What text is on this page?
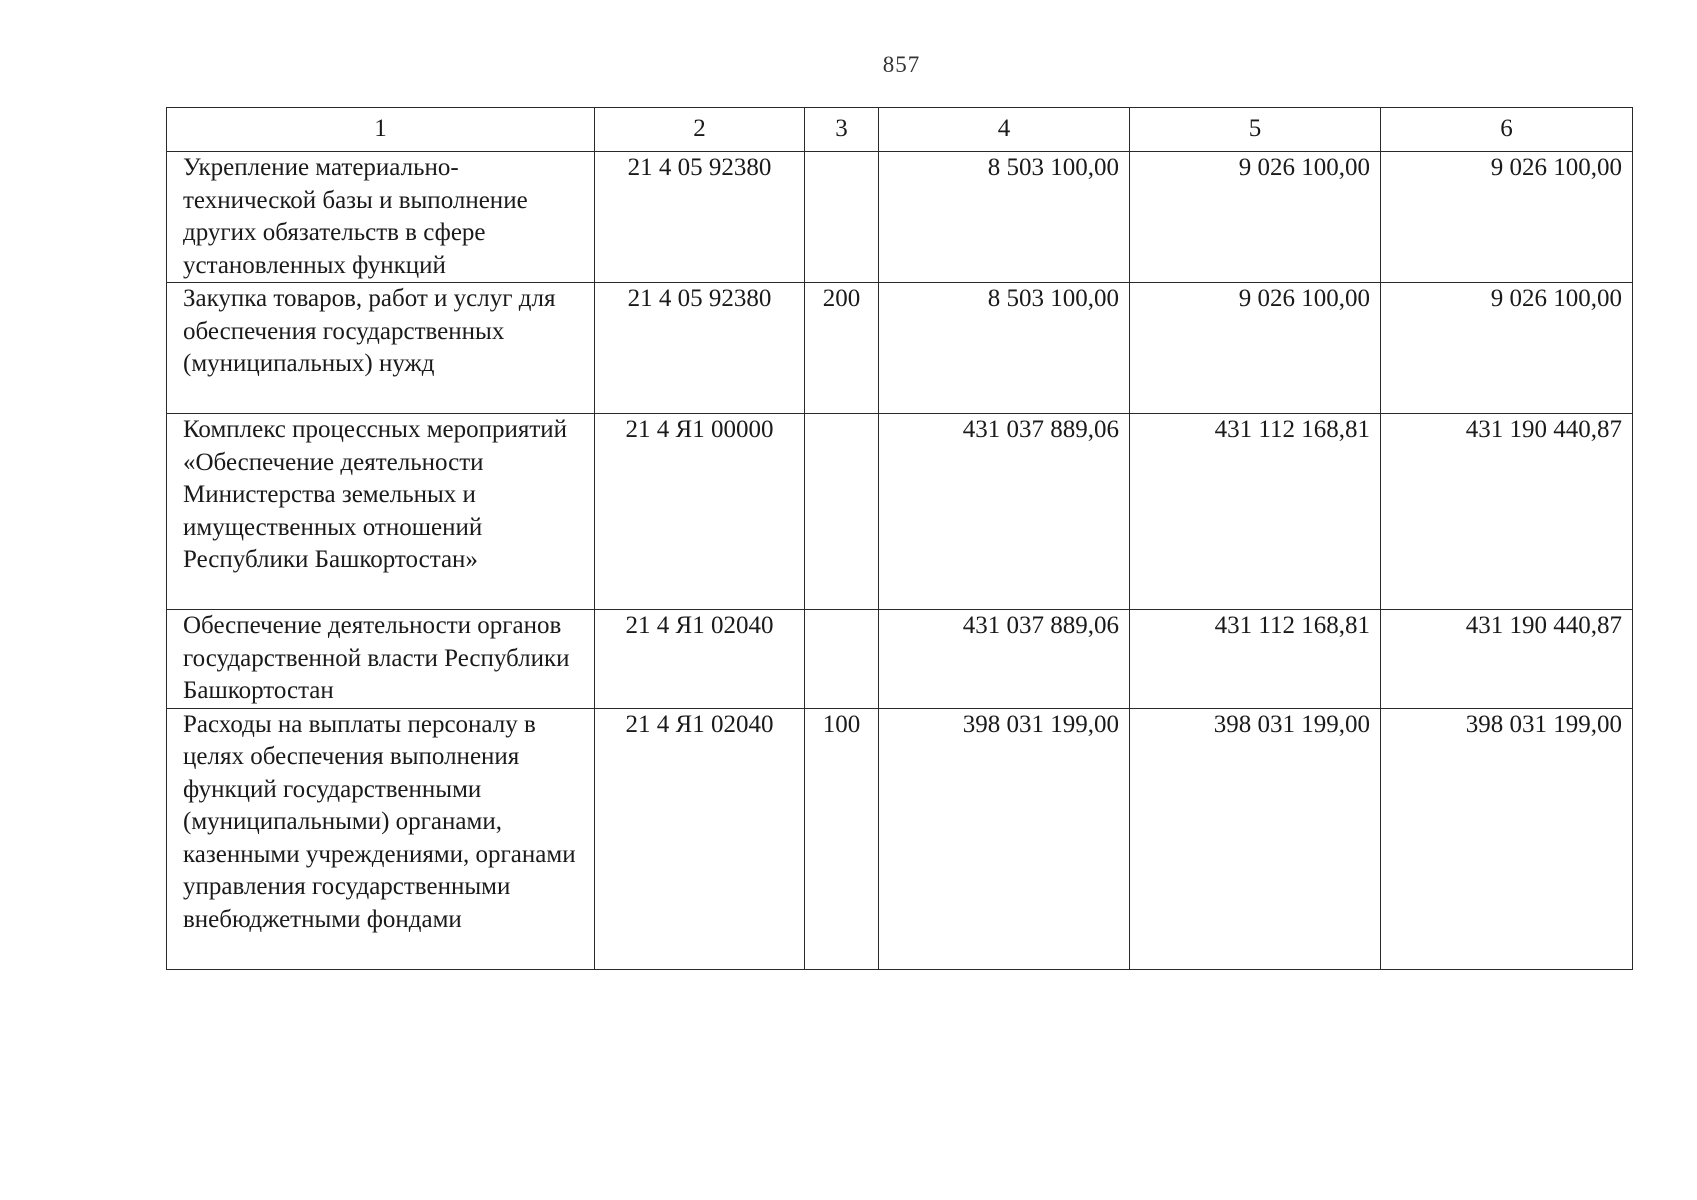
857
1	2	3	4	5	6
Укрепление материально-технической базы и выполнение других обязательств в сфере установленных функций	21 4 05 92380		8 503 100,00	9 026 100,00	9 026 100,00
Закупка товаров, работ и услуг для обеспечения государственных (муниципальных) нужд	21 4 05 92380	200	8 503 100,00	9 026 100,00	9 026 100,00
Комплекс процессных мероприятий «Обеспечение деятельности Министерства земельных и имущественных отношений Республики Башкортостан»	21 4 Я1 00000		431 037 889,06	431 112 168,81	431 190 440,87
Обеспечение деятельности органов государственной власти Республики Башкортостан	21 4 Я1 02040		431 037 889,06	431 112 168,81	431 190 440,87
Расходы на выплаты персоналу в целях обеспечения выполнения функций государственными (муниципальными) органами, казенными учреждениями, органами управления государственными внебюджетными фондами	21 4 Я1 02040	100	398 031 199,00	398 031 199,00	398 031 199,00
